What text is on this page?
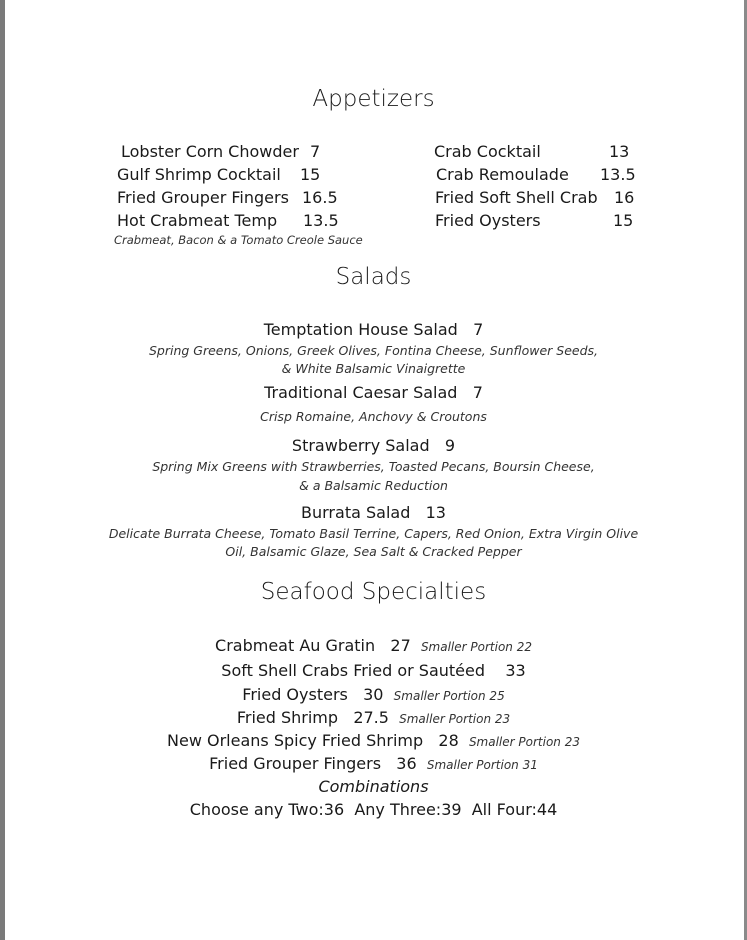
Appetizers
Lobster Corn Chowder 7
Gulf Shrimp Cocktail 15
Fried Grouper Fingers 16.5
Hot Crabmeat Temp 13.5
Crabmeat, Bacon & a Tomato Creole Sauce
Crab Cocktail	13
Crab Remoulade 13.5
Fried Soft Shell Crab 16
Fried Oysters	15
Salads
Temptation House Salad 7
Spring Greens, Onions, Greek Olives, Fontina Cheese, Sunflower Seeds,
& White Balsamic Vinaigrette
Traditional Caesar Salad 7
Crisp Romaine, Anchovy & Croutons
Strawberry Salad 9
Spring Mix Greens with Strawberries, Toasted Pecans, Boursin Cheese,
& a Balsamic Reduction
Burrata Salad 13
Delicate Burrata Cheese, Tomato Basil Terrine, Capers, Red Onion, Extra Virgin Olive
Oil, Balsamic Glaze, Sea Salt & Cracked Pepper
Seafood Specialties
Crabmeat Au Gratin 27 Smaller Portion 22
Soft Shell Crabs Fried or Sautéed 33
Fried Oysters 30 Smaller Portion 25
Fried Shrimp 27.5 Smaller Portion 23
New Orleans Spicy Fried Shrimp 28 Smaller Portion 23
Fried Grouper Fingers 36 Smaller Portion 31
Combinations
Choose any Two:36  Any Three:39  All Four:44
